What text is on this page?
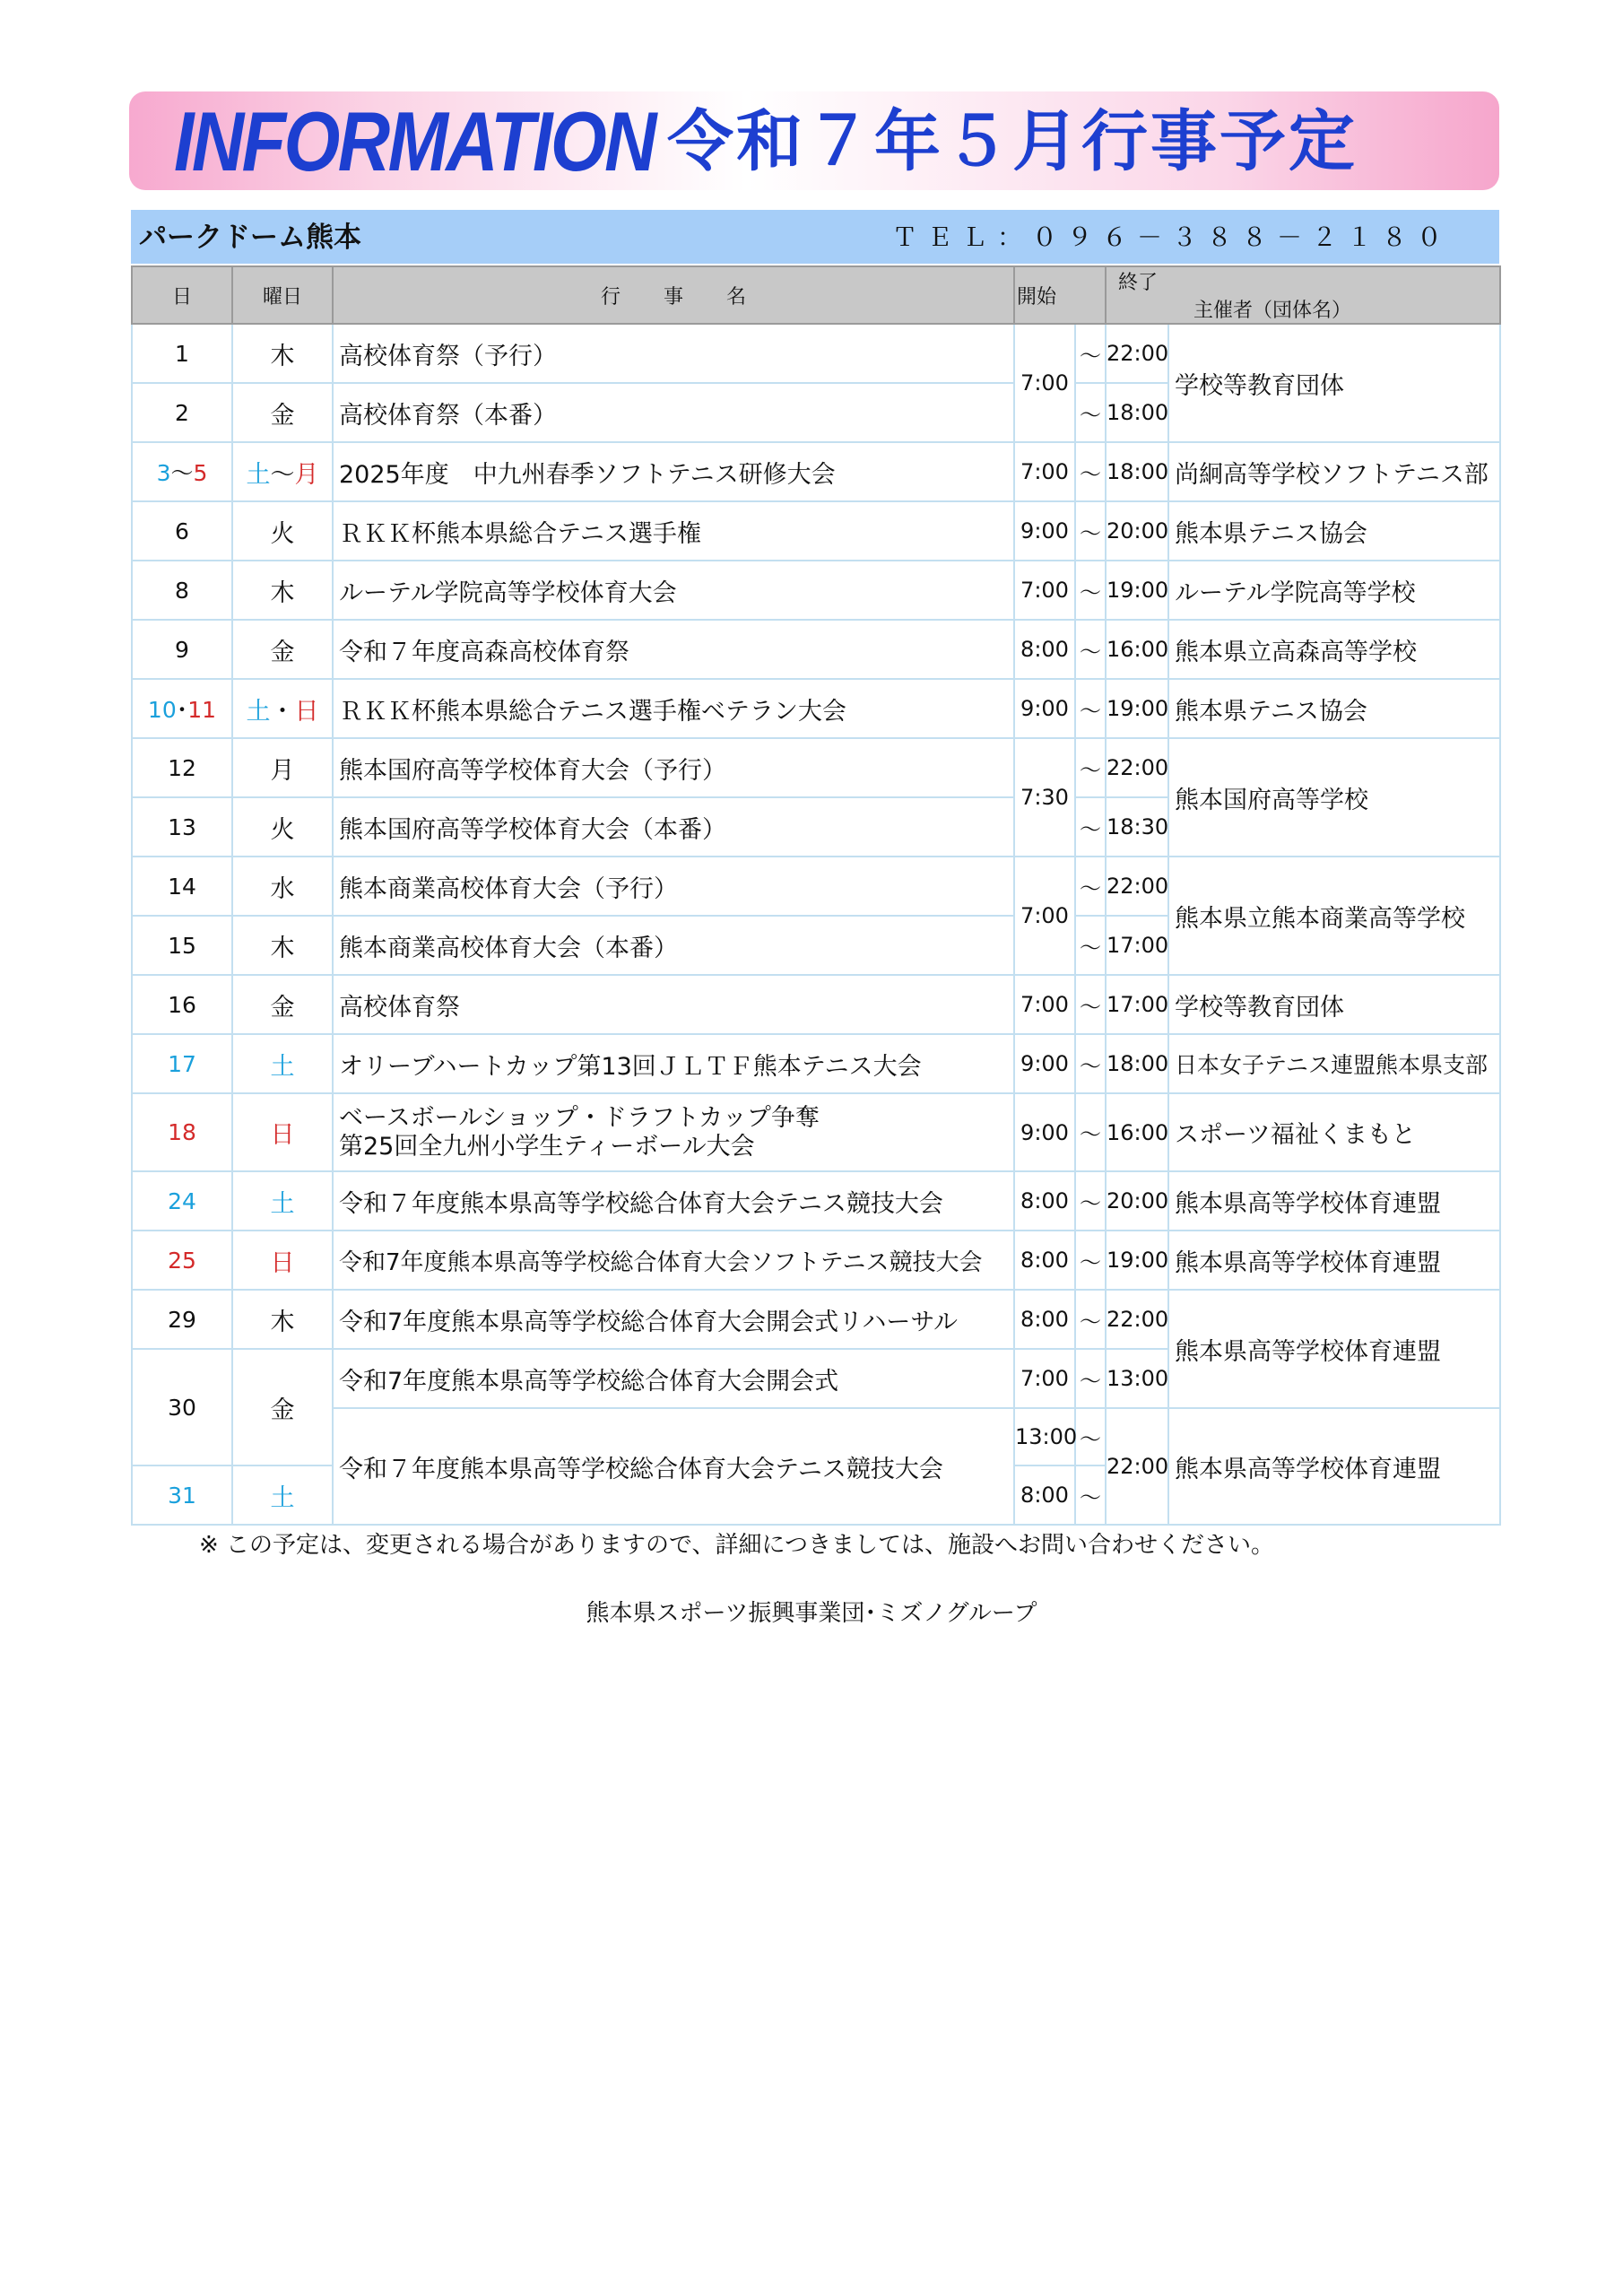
INFORMATION 令和７年５月行事予定
パークドーム熊本	ＴＥＬ：０９６－３８８－２１８０
日	曜日	行事名	開始		終了主催者（団体名）	
1	木	高校体育祭（予行）	7:00	～	22:00	学校等教育団体
2	金	高校体育祭（本番）		～	18:00	
3～5	土～月	2025年度　中九州春季ソフトテニス研修大会	7:00	～	18:00	尚絅高等学校ソフトテニス部
6	火	ＲＫＫ杯熊本県総合テニス選手権	9:00	～	20:00	熊本県テニス協会
8	木	ルーテル学院高等学校体育大会	7:00	～	19:00	ルーテル学院高等学校
9	金	令和７年度高森高校体育祭	8:00	～	16:00	熊本県立高森高等学校
10･11	土・日	ＲＫＫ杯熊本県総合テニス選手権ベテラン大会	9:00	～	19:00	熊本県テニス協会
12	月	熊本国府高等学校体育大会（予行）	7:30	～	22:00	熊本国府高等学校
13	火	熊本国府高等学校体育大会（本番）		～	18:30	
14	水	熊本商業高校体育大会（予行）	7:00	～	22:00	熊本県立熊本商業高等学校
15	木	熊本商業高校体育大会（本番）		～	17:00	
16	金	高校体育祭	7:00	～	17:00	学校等教育団体
17	土	オリーブハートカップ第13回ＪＬＴＦ熊本テニス大会	9:00	～	18:00	日本女子テニス連盟熊本県支部
18	日	ベースボールショップ・ドラフトカップ争奪
第25回全九州小学生ティーボール大会	9:00	～	16:00	スポーツ福祉くまもと
24	土	令和７年度熊本県高等学校総合体育大会テニス競技大会	8:00	～	20:00	熊本県高等学校体育連盟
25	日	令和7年度熊本県高等学校総合体育大会ソフトテニス競技大会	8:00	～	19:00	熊本県高等学校体育連盟
29	木	令和7年度熊本県高等学校総合体育大会開会式リハーサル	8:00	～	22:00	熊本県高等学校体育連盟
30	金	令和7年度熊本県高等学校総合体育大会開会式	7:00	～	13:00	
		令和７年度熊本県高等学校総合体育大会テニス競技大会	13:00	～	22:00	熊本県高等学校体育連盟

31	土		8:00	～		
※ この予定は、変更される場合がありますので、詳細につきましては、施設へお問い合わせください。
熊本県スポーツ振興事業団･ミズノグループ
